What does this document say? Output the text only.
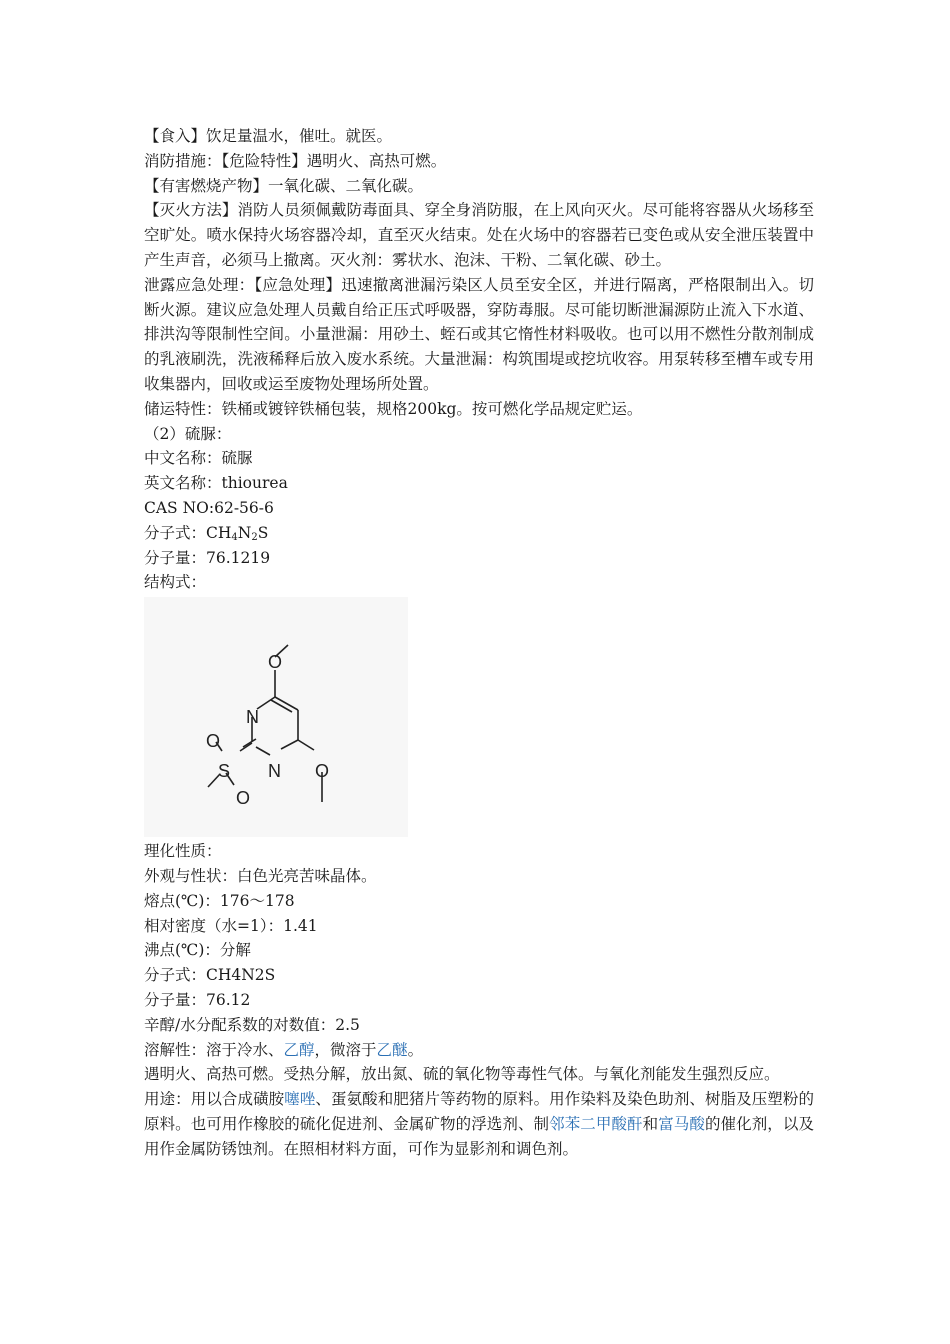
【食入】饮足量温水，催吐。就医。

消防措施：【危险特性】遇明火、高热可燃。

【有害燃烧产物】一氧化碳、二氧化碳。

【灭火方法】消防人员须佩戴防毒面具、穿全身消防服，在上风向灭火。尽可能将容器从火场移至空旷处。喷水保持火场容器冷却，直至灭火结束。处在火场中的容器若已变色或从安全泄压装置中产生声音，必须马上撤离。灭火剂：雾状水、泡沫、干粉、二氧化碳、砂土。

泄露应急处理：【应急处理】迅速撤离泄漏污染区人员至安全区，并进行隔离，严格限制出入。切断火源。建议应急处理人员戴自给正压式呼吸器，穿防毒服。尽可能切断泄漏源防止流入下水道、排洪沟等限制性空间。小量泄漏：用砂土、蛭石或其它惰性材料吸收。也可以用不燃性分散剂制成的乳液刷洗，洗液稀释后放入废水系统。大量泄漏：构筑围堤或挖坑收容。用泵转移至槽车或专用收集器内，回收或运至废物处理场所处置。

储运特性：铁桶或镀锌铁桶包装，规格200kg。按可燃化学品规定贮运。

（2）硫脲：

中文名称：硫脲

英文名称：thiourea

CAS NO:62-56-6

分子式：$CH_4N_2S$

分子量：76.1219

结构式：

O
N
N O
S
O
O

理化性质：

外观与性状：白色光亮苦味晶体。

熔点(℃)：176～178

相对密度（水=1）：1.41

沸点(℃)：分解

分子式：CH4N2S

分子量：76.12

辛醇/水分配系数的对数值：2.5

溶解性：溶于冷水、乙醇，微溶于乙醚。

遇明火、高热可燃。受热分解，放出氮、硫的氧化物等毒性气体。与氧化剂能发生强烈反应。

用途：用以合成磺胺噻唑、蛋氨酸和肥猪片等药物的原料。用作染料及染色助剂、树脂及压塑粉的原料。也可用作橡胶的硫化促进剂、金属矿物的浮选剂、制邻苯二甲酸酐和富马酸的催化剂，以及用作金属防锈蚀剂。在照相材料方面，可作为显影剂和调色剂。
